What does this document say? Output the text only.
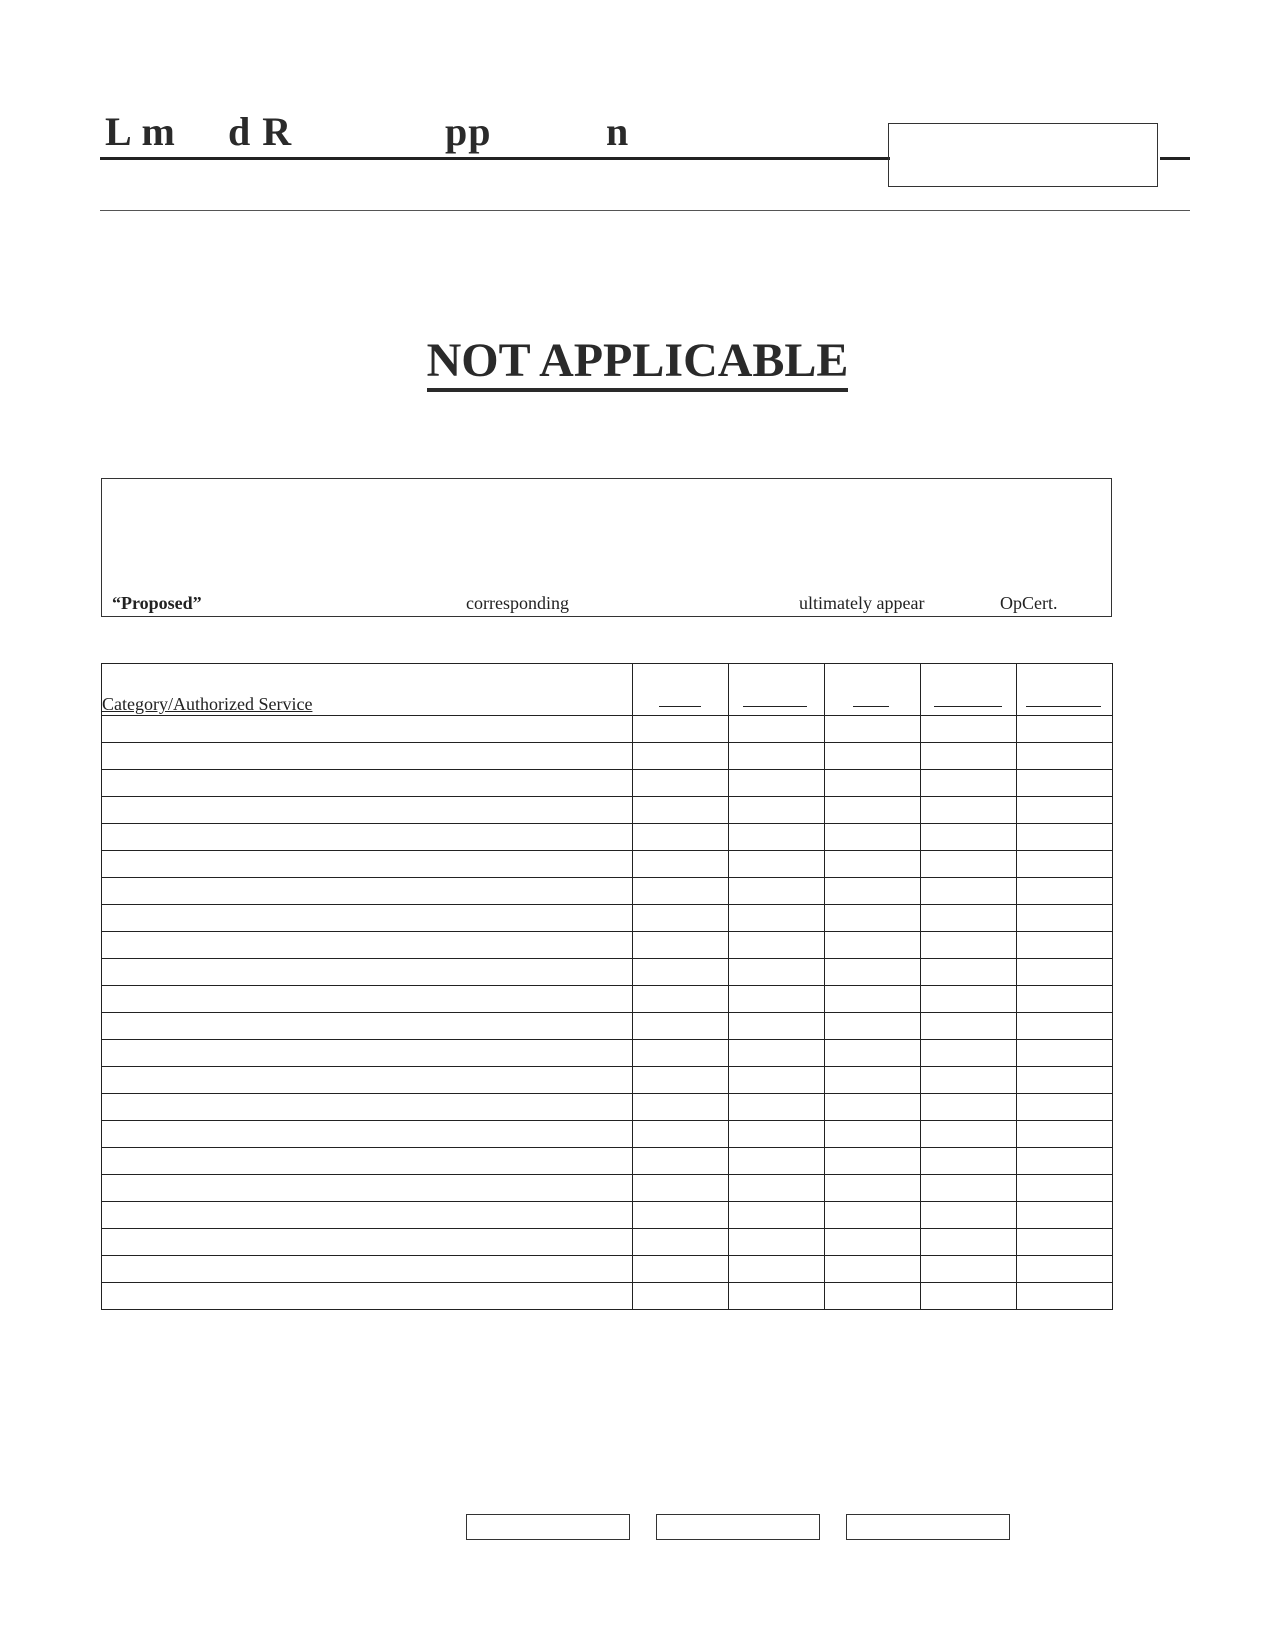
L m d R	pp	n
NOT APPLICABLE
“Proposed”	corresponding	ultimately appear	OpCert.
Category/Authorized Service					
